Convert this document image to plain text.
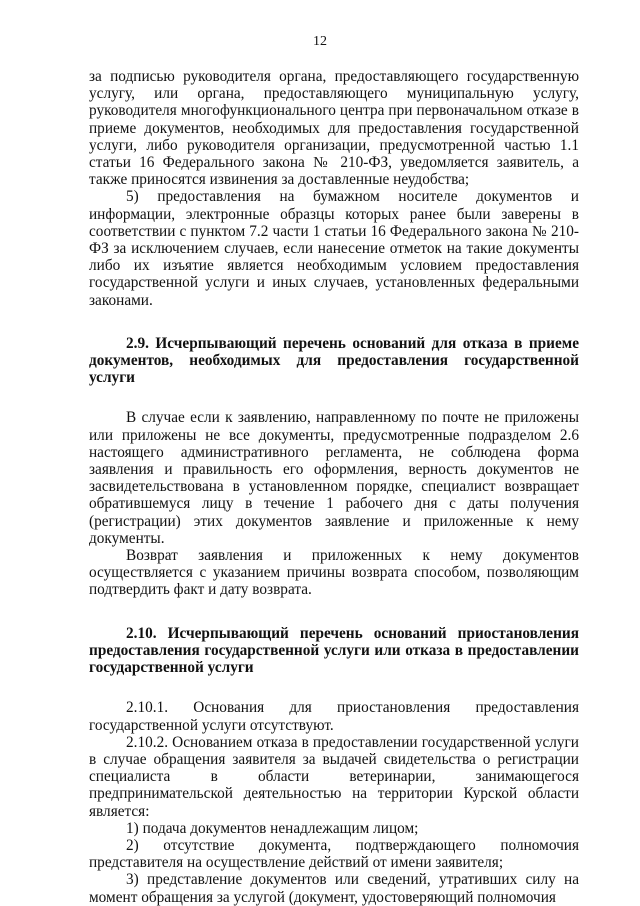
12

за подписью руководителя органа, предоставляющего государственную услугу, или органа, предоставляющего муниципальную услугу, руководителя многофункционального центра при первоначальном отказе в приеме документов, необходимых для предоставления государственной услуги, либо руководителя организации, предусмотренной частью 1.1 статьи 16 Федерального закона № 210-ФЗ, уведомляется заявитель, а также приносятся извинения за доставленные неудобства;

5) предоставления на бумажном носителе документов и информации, электронные образцы которых ранее были заверены в соответствии с пунктом 7.2 части 1 статьи 16 Федерального закона № 210-ФЗ за исключением случаев, если нанесение отметок на такие документы либо их изъятие является необходимым условием предоставления государственной услуги и иных случаев, установленных федеральными законами.

2.9. Исчерпывающий перечень оснований для отказа в приеме документов, необходимых для предоставления государственной услуги

В случае если к заявлению, направленному по почте не приложены или приложены не все документы, предусмотренные подразделом 2.6 настоящего административного регламента, не соблюдена форма заявления и правильность его оформления, верность документов не засвидетельствована в установленном порядке, специалист возвращает обратившемуся лицу в течение 1 рабочего дня с даты получения (регистрации) этих документов заявление и приложенные к нему документы.

Возврат заявления и приложенных к нему документов осуществляется с указанием причины возврата способом, позволяющим подтвердить факт и дату возврата.

2.10. Исчерпывающий перечень оснований приостановления предоставления государственной услуги или отказа в предоставлении государственной услуги

2.10.1. Основания для приостановления предоставления государственной услуги отсутствуют.

2.10.2. Основанием отказа в предоставлении государственной услуги в случае обращения заявителя за выдачей свидетельства о регистрации специалиста в области ветеринарии, занимающегося предпринимательской деятельностью на территории Курской области является:

1) подача документов ненадлежащим лицом;

2) отсутствие документа, подтверждающего полномочия представителя на осуществление действий от имени заявителя;

3) представление документов или сведений, утративших силу на момент обращения за услугой (документ, удостоверяющий полномочия
